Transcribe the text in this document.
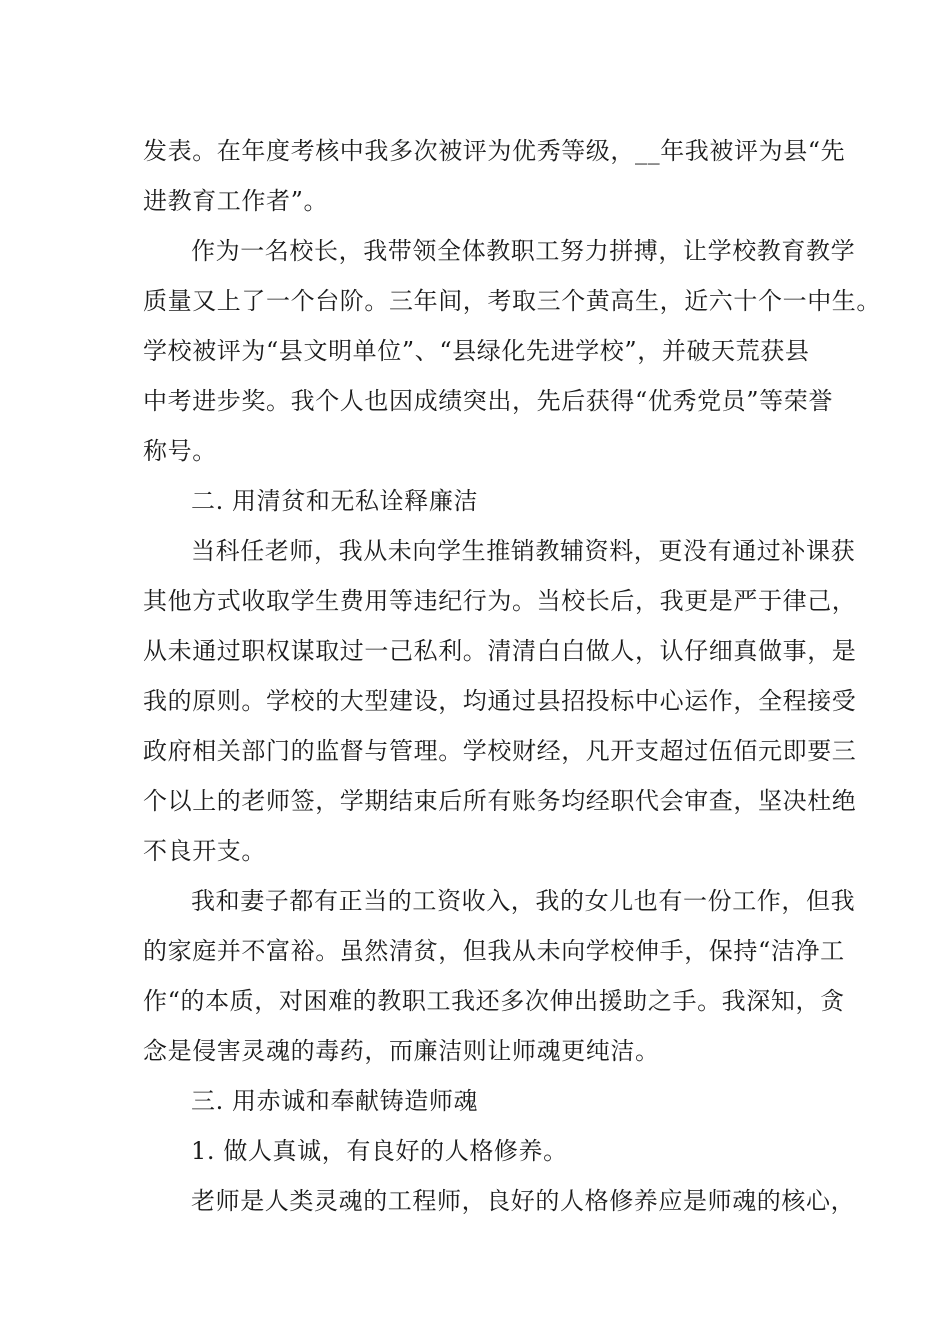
发表。在年度考核中我多次被评为优秀等级，__年我被评为县“先
进教育工作者”。
作为一名校长，我带领全体教职工努力拼搏，让学校教育教学
质量又上了一个台阶。三年间，考取三个黄高生，近六十个一中生。
学校被评为“县文明单位”、“县绿化先进学校”，并破天荒获县
中考进步奖。我个人也因成绩突出，先后获得“优秀党员”等荣誉
称号。
二. 用清贫和无私诠释廉洁
当科任老师，我从未向学生推销教辅资料，更没有通过补课获
其他方式收取学生费用等违纪行为。当校长后，我更是严于律己，
从未通过职权谋取过一己私利。清清白白做人，认仔细真做事，是
我的原则。学校的大型建设，均通过县招投标中心运作，全程接受
政府相关部门的监督与管理。学校财经，凡开支超过伍佰元即要三
个以上的老师签，学期结束后所有账务均经职代会审查，坚决杜绝
不良开支。
我和妻子都有正当的工资收入，我的女儿也有一份工作，但我
的家庭并不富裕。虽然清贫，但我从未向学校伸手，保持“洁净工
作“的本质，对困难的教职工我还多次伸出援助之手。我深知，贪
念是侵害灵魂的毒药，而廉洁则让师魂更纯洁。
三. 用赤诚和奉献铸造师魂
1. 做人真诚，有良好的人格修养。
老师是人类灵魂的工程师，良好的人格修养应是师魂的核心，
